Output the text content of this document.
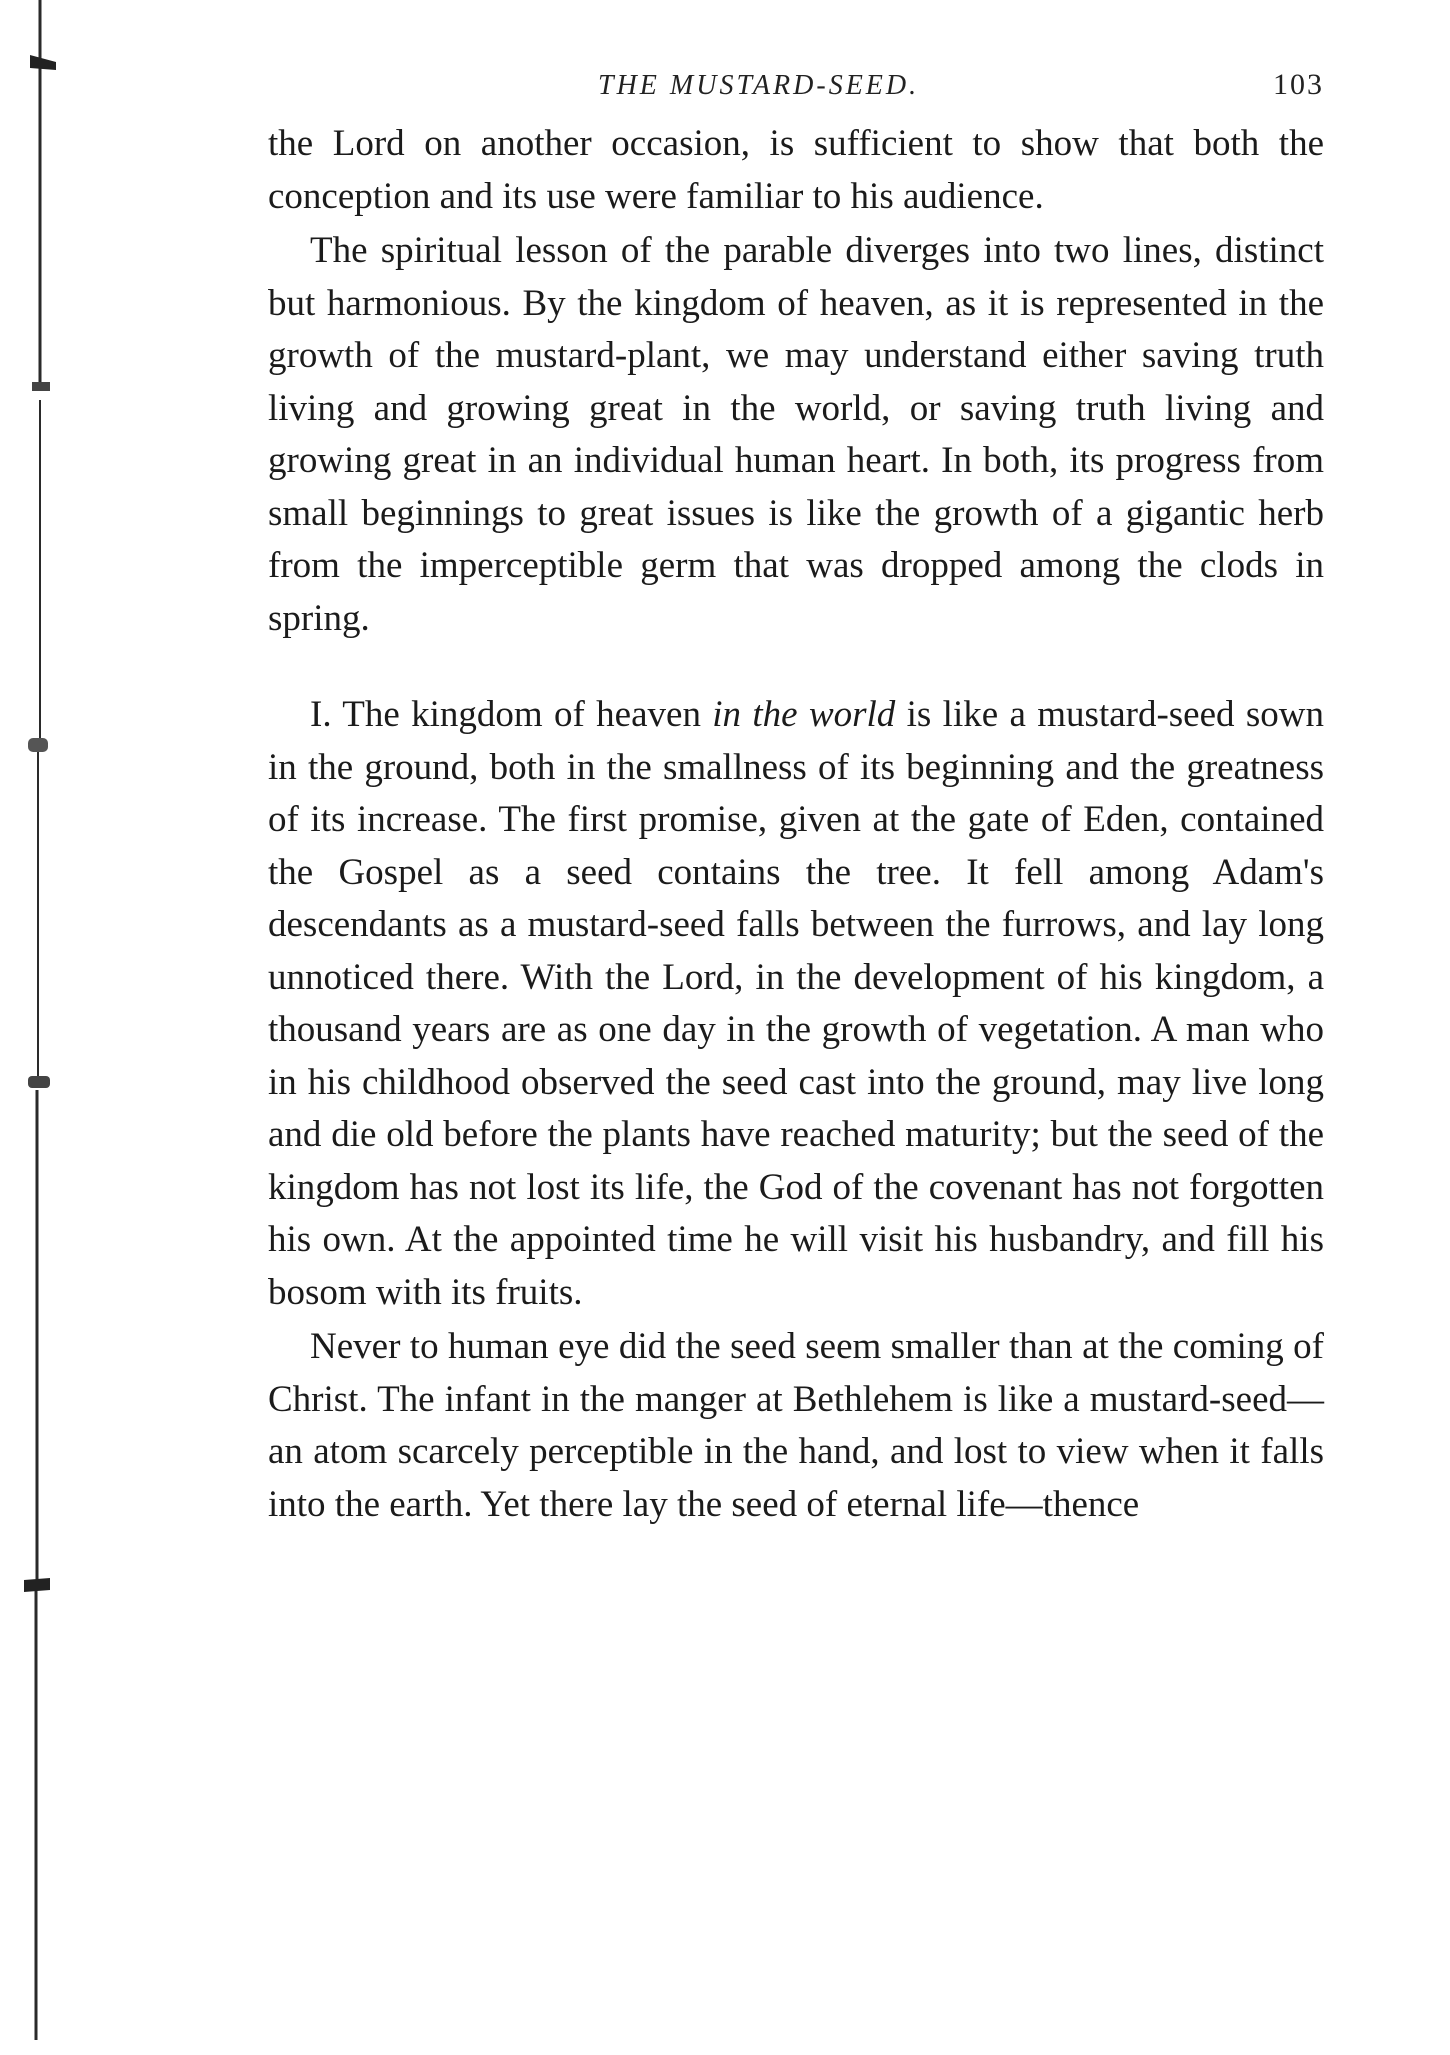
THE MUSTARD-SEED.	103

the Lord on another occasion, is sufficient to show that both the conception and its use were familiar to his audience.

The spiritual lesson of the parable diverges into two lines, distinct but harmonious. By the kingdom of heaven, as it is represented in the growth of the mustard-plant, we may understand either saving truth living and growing great in the world, or saving truth living and growing great in an individual human heart. In both, its progress from small beginnings to great issues is like the growth of a gigantic herb from the imperceptible germ that was dropped among the clods in spring.

I. The kingdom of heaven in the world is like a mustard-seed sown in the ground, both in the smallness of its beginning and the greatness of its increase. The first promise, given at the gate of Eden, contained the Gospel as a seed contains the tree. It fell among Adam's descendants as a mustard-seed falls between the furrows, and lay long unnoticed there. With the Lord, in the development of his kingdom, a thousand years are as one day in the growth of vegetation. A man who in his childhood observed the seed cast into the ground, may live long and die old before the plants have reached maturity; but the seed of the kingdom has not lost its life, the God of the covenant has not forgotten his own. At the appointed time he will visit his husbandry, and fill his bosom with its fruits.

Never to human eye did the seed seem smaller than at the coming of Christ. The infant in the manger at Bethlehem is like a mustard-seed—an atom scarcely perceptible in the hand, and lost to view when it falls into the earth. Yet there lay the seed of eternal life—thence
